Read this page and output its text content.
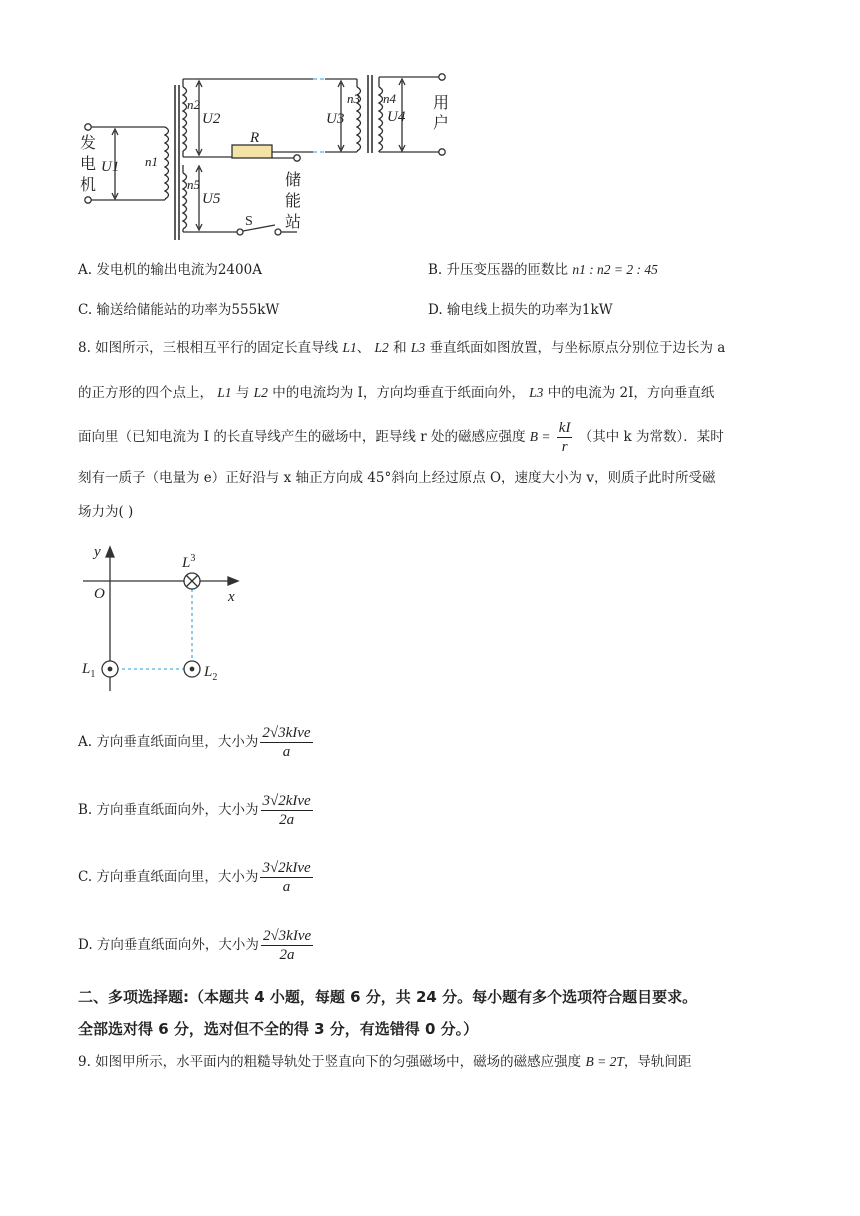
发
电
机
用
户
储
能
站
R
S
n1
n2	n3 n4
n5
U1
U2	U3	U4
U5
A. 发电机的输出电流为2400A	B. 升压变压器的匝数比 n1 : n2 = 2 : 45
C. 输送给储能站的功率为555kW	D. 输电线上损失的功率为1kW
8. 如图所示，三根相互平行的固定长直导线 L1、 L2 和 L3 垂直纸面如图放置，与坐标原点分别位于边长为 a
的正方形的四个点上， L1 与 L2 中的电流均为 I，方向均垂直于纸面向外， L3 中的电流为 2I，方向垂直纸
面向里（已知电流为 I 的长直导线产生的磁场中，距导线 r 处的磁感应强度 $B = \frac{kI}{r}$ （其中 k 为常数）．某时
刻有一质子（电量为 e）正好沿与 x 轴正方向成 45°斜向上经过原点 O，速度大小为 v，则质子此时所受磁
场力为( )
y
x
O
$L^3$
$L_1$	$L_2$
A. 方向垂直纸面向里，大小为 $\frac{\text{2√3kIve}}{a}$
B. 方向垂直纸面向外，大小为 $\frac{\text{3√2kIve}}{2a}$
C. 方向垂直纸面向里，大小为 $\frac{\text{3√2kIve}}{a}$
D. 方向垂直纸面向外，大小为 $\frac{\text{2√3kIve}}{2a}$
二、多项选择题:（本题共 4 小题，每题 6 分，共 24 分。每小题有多个选项符合题目要求。
全部选对得 6 分，选对但不全的得 3 分，有选错得 0 分。）
9. 如图甲所示，水平面内的粗糙导轨处于竖直向下的匀强磁场中，磁场的磁感应强度 B = 2T，导轨间距
